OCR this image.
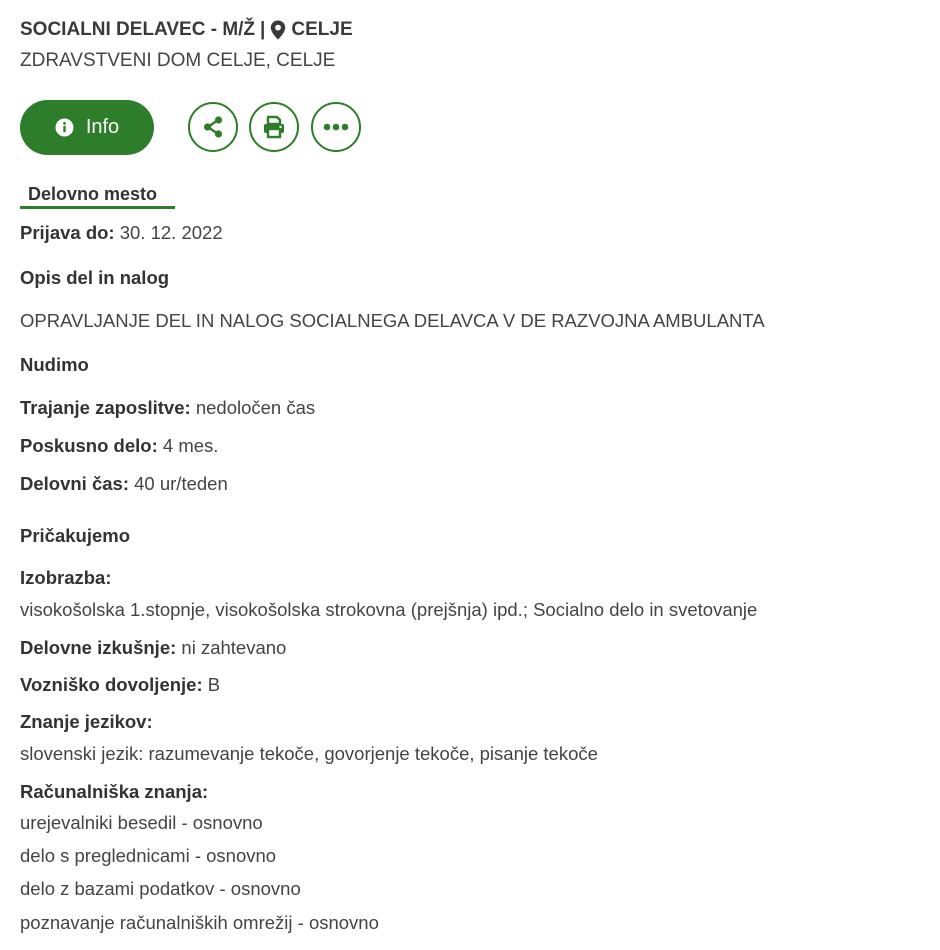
SOCIALNI DELAVEC - M/Ž | CELJE
ZDRAVSTVENI DOM CELJE, CELJE
Info
Delovno mesto
Prijava do: 30. 12. 2022
Opis del in nalog
OPRAVLJANJE DEL IN NALOG SOCIALNEGA DELAVCA V DE RAZVOJNA AMBULANTA
Nudimo
Trajanje zaposlitve: nedoločen čas
Poskusno delo: 4 mes.
Delovni čas: 40 ur/teden
Pričakujemo
Izobrazba:
visokošolska 1.stopnje, visokošolska strokovna (prejšnja) ipd.; Socialno delo in svetovanje
Delovne izkušnje: ni zahtevano
Vozniško dovoljenje: B
Znanje jezikov:
slovenski jezik: razumevanje tekoče, govorjenje tekoče, pisanje tekoče
Računalniška znanja:
urejevalniki besedil - osnovno
delo s preglednicami - osnovno
delo z bazami podatkov - osnovno
poznavanje računalniških omrežij - osnovno
